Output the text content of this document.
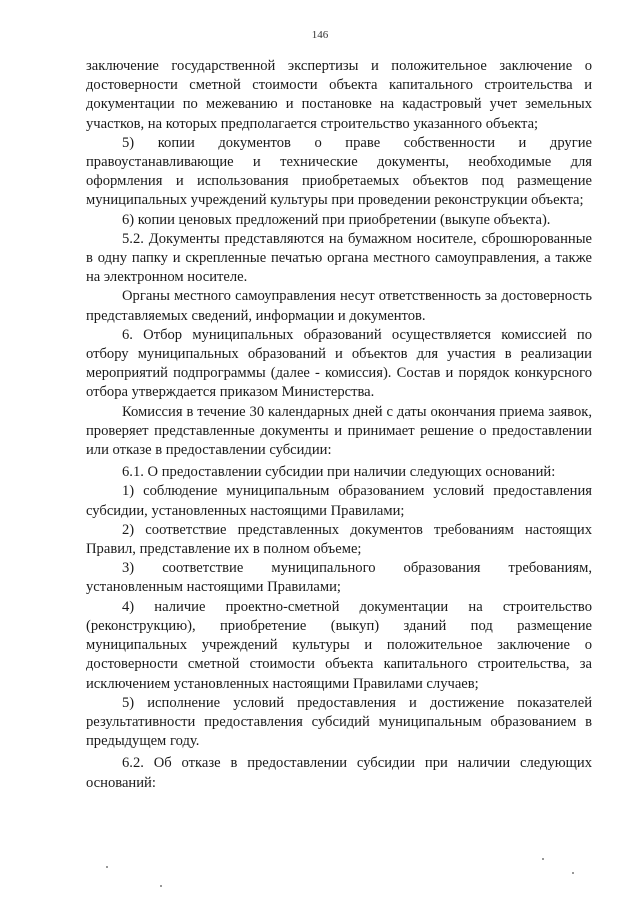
146

заключение государственной экспертизы и положительное заключение о достоверности сметной стоимости объекта капитального строительства и документации по межеванию и постановке на кадастровый учет земельных участков, на которых предполагается строительство указанного объекта;

5) копии документов о праве собственности и другие правоустанавливающие и технические документы, необходимые для оформления и использования приобретаемых объектов под размещение муниципальных учреждений культуры при проведении реконструкции объекта;

6) копии ценовых предложений при приобретении (выкупе объекта).

5.2. Документы представляются на бумажном носителе, сброшюрованные в одну папку и скрепленные печатью органа местного самоуправления, а также на электронном носителе.

Органы местного самоуправления несут ответственность за достоверность представляемых сведений, информации и документов.

6. Отбор муниципальных образований осуществляется комиссией по отбору муниципальных образований и объектов для участия в реализации мероприятий подпрограммы (далее - комиссия). Состав и порядок конкурсного отбора утверждается приказом Министерства.

Комиссия в течение 30 календарных дней с даты окончания приема заявок, проверяет представленные документы и принимает решение о предоставлении или отказе в предоставлении субсидии:

6.1. О предоставлении субсидии при наличии следующих оснований:

1) соблюдение муниципальным образованием условий предоставления субсидии, установленных настоящими Правилами;

2) соответствие представленных документов требованиям настоящих Правил, представление их в полном объеме;

3) соответствие муниципального образования требованиям, установленным настоящими Правилами;

4) наличие проектно-сметной документации на строительство (реконструкцию), приобретение (выкуп) зданий под размещение муниципальных учреждений культуры и положительное заключение о достоверности сметной стоимости объекта капитального строительства, за исключением установленных настоящими Правилами случаев;

5) исполнение условий предоставления и достижение показателей результативности предоставления субсидий муниципальным образованием в предыдущем году.

6.2. Об отказе в предоставлении субсидии при наличии следующих оснований:
